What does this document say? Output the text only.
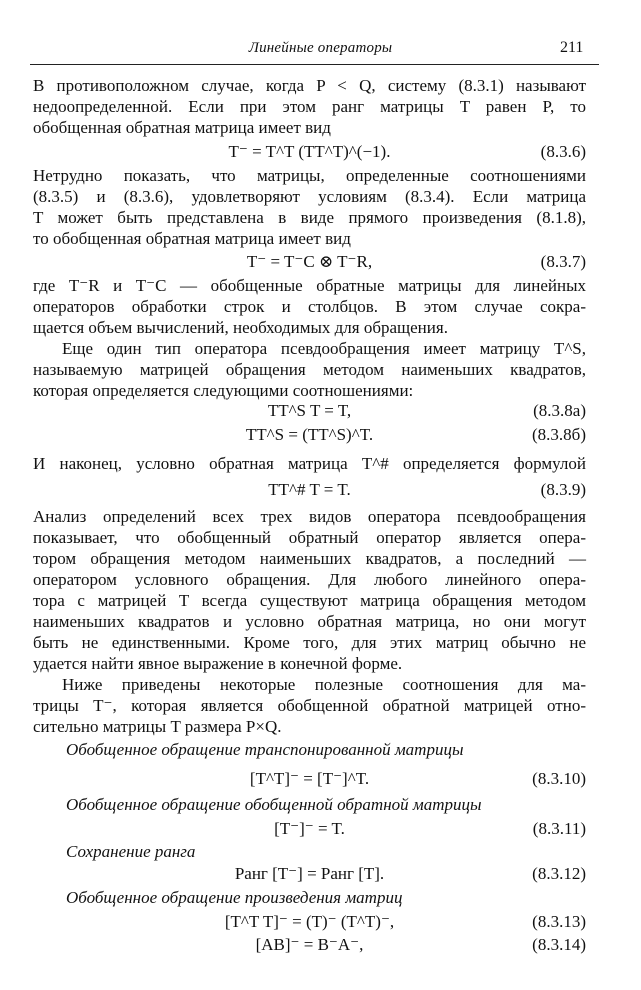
Линейные операторы	211
В противоположном случае, когда P < Q, систему (8.3.1) называют
недоопределенной. Если при этом ранг матрицы T равен P, то
обобщенная обратная матрица имеет вид
T⁻ = T^T (TT^T)^(−1).	(8.3.6)
Нетрудно показать, что матрицы, определенные соотношениями
(8.3.5) и (8.3.6), удовлетворяют условиям (8.3.4). Если матрица
T может быть представлена в виде прямого произведения (8.1.8),
то обобщенная обратная матрица имеет вид
T⁻ = T⁻C ⊗ T⁻R,	(8.3.7)
где T⁻R и T⁻C — обобщенные обратные матрицы для линейных
операторов обработки строк и столбцов. В этом случае сокра-
щается объем вычислений, необходимых для обращения.
Еще один тип оператора псевдообращения имеет матрицу T^S,
называемую матрицей обращения методом наименьших квадратов,
которая определяется следующими соотношениями:
TT^S T = T,	(8.3.8а)
TT^S = (TT^S)^T.	(8.3.8б)
И наконец, условно обратная матрица T^# определяется формулой
TT^# T = T.	(8.3.9)
Анализ определений всех трех видов оператора псевдообращения
показывает, что обобщенный обратный оператор является опера-
тором обращения методом наименьших квадратов, а последний —
оператором условного обращения. Для любого линейного опера-
тора с матрицей T всегда существуют матрица обращения методом
наименьших квадратов и условно обратная матрица, но они могут
быть не единственными. Кроме того, для этих матриц обычно не
удается найти явное выражение в конечной форме.
Ниже приведены некоторые полезные соотношения для ма-
трицы T⁻, которая является обобщенной обратной матрицей отно-
сительно матрицы T размера P×Q.
Обобщенное обращение транспонированной матрицы
[T^T]⁻ = [T⁻]^T.	(8.3.10)
Обобщенное обращение обобщенной обратной матрицы
[T⁻]⁻ = T.	(8.3.11)
Сохранение ранга
Ранг [T⁻] = Ранг [T].	(8.3.12)
Обобщенное обращение произведения матриц
[T^T T]⁻ = (T)⁻ (T^T)⁻,	(8.3.13)
[AB]⁻ = B⁻A⁻,	(8.3.14)
